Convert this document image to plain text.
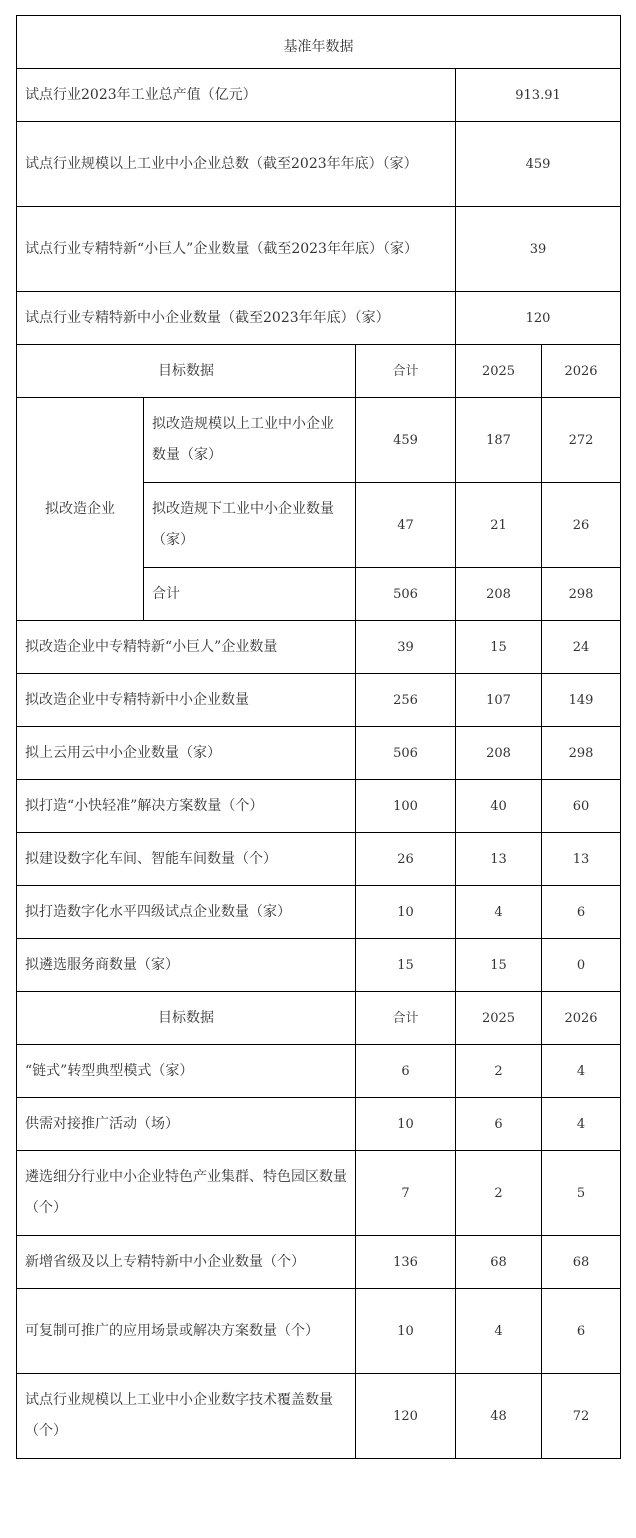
基准年数据				
试点行业2023年工业总产值（亿元）			913.91	
试点行业规模以上工业中小企业总数（截至2023年年底）（家）			459	
试点行业专精特新“小巨人”企业数量（截至2023年年底）（家）			39	
试点行业专精特新中小企业数量（截至2023年年底）（家）			120	
目标数据		合计	2025	2026
拟改造企业	拟改造规模以上工业中小企业数量（家）	459	187	272
	拟改造规下工业中小企业数量（家）	47	21	26
	合计	506	208	298
拟改造企业中专精特新“小巨人”企业数量		39	15	24
拟改造企业中专精特新中小企业数量		256	107	149
拟上云用云中小企业数量（家）		506	208	298
拟打造“小快轻准”解决方案数量（个）		100	40	60
拟建设数字化车间、智能车间数量（个）		26	13	13
拟打造数字化水平四级试点企业数量（家）		10	4	6
拟遴选服务商数量（家）		15	15	0
目标数据		合计	2025	2026
“链式”转型典型模式（家）		6	2	4
供需对接推广活动（场）		10	6	4
遴选细分行业中小企业特色产业集群、特色园区数量（个）		7	2	5
新增省级及以上专精特新中小企业数量（个）		136	68	68
可复制可推广的应用场景或解决方案数量（个）		10	4	6
试点行业规模以上工业中小企业数字技术覆盖数量（个）		120	48	72
